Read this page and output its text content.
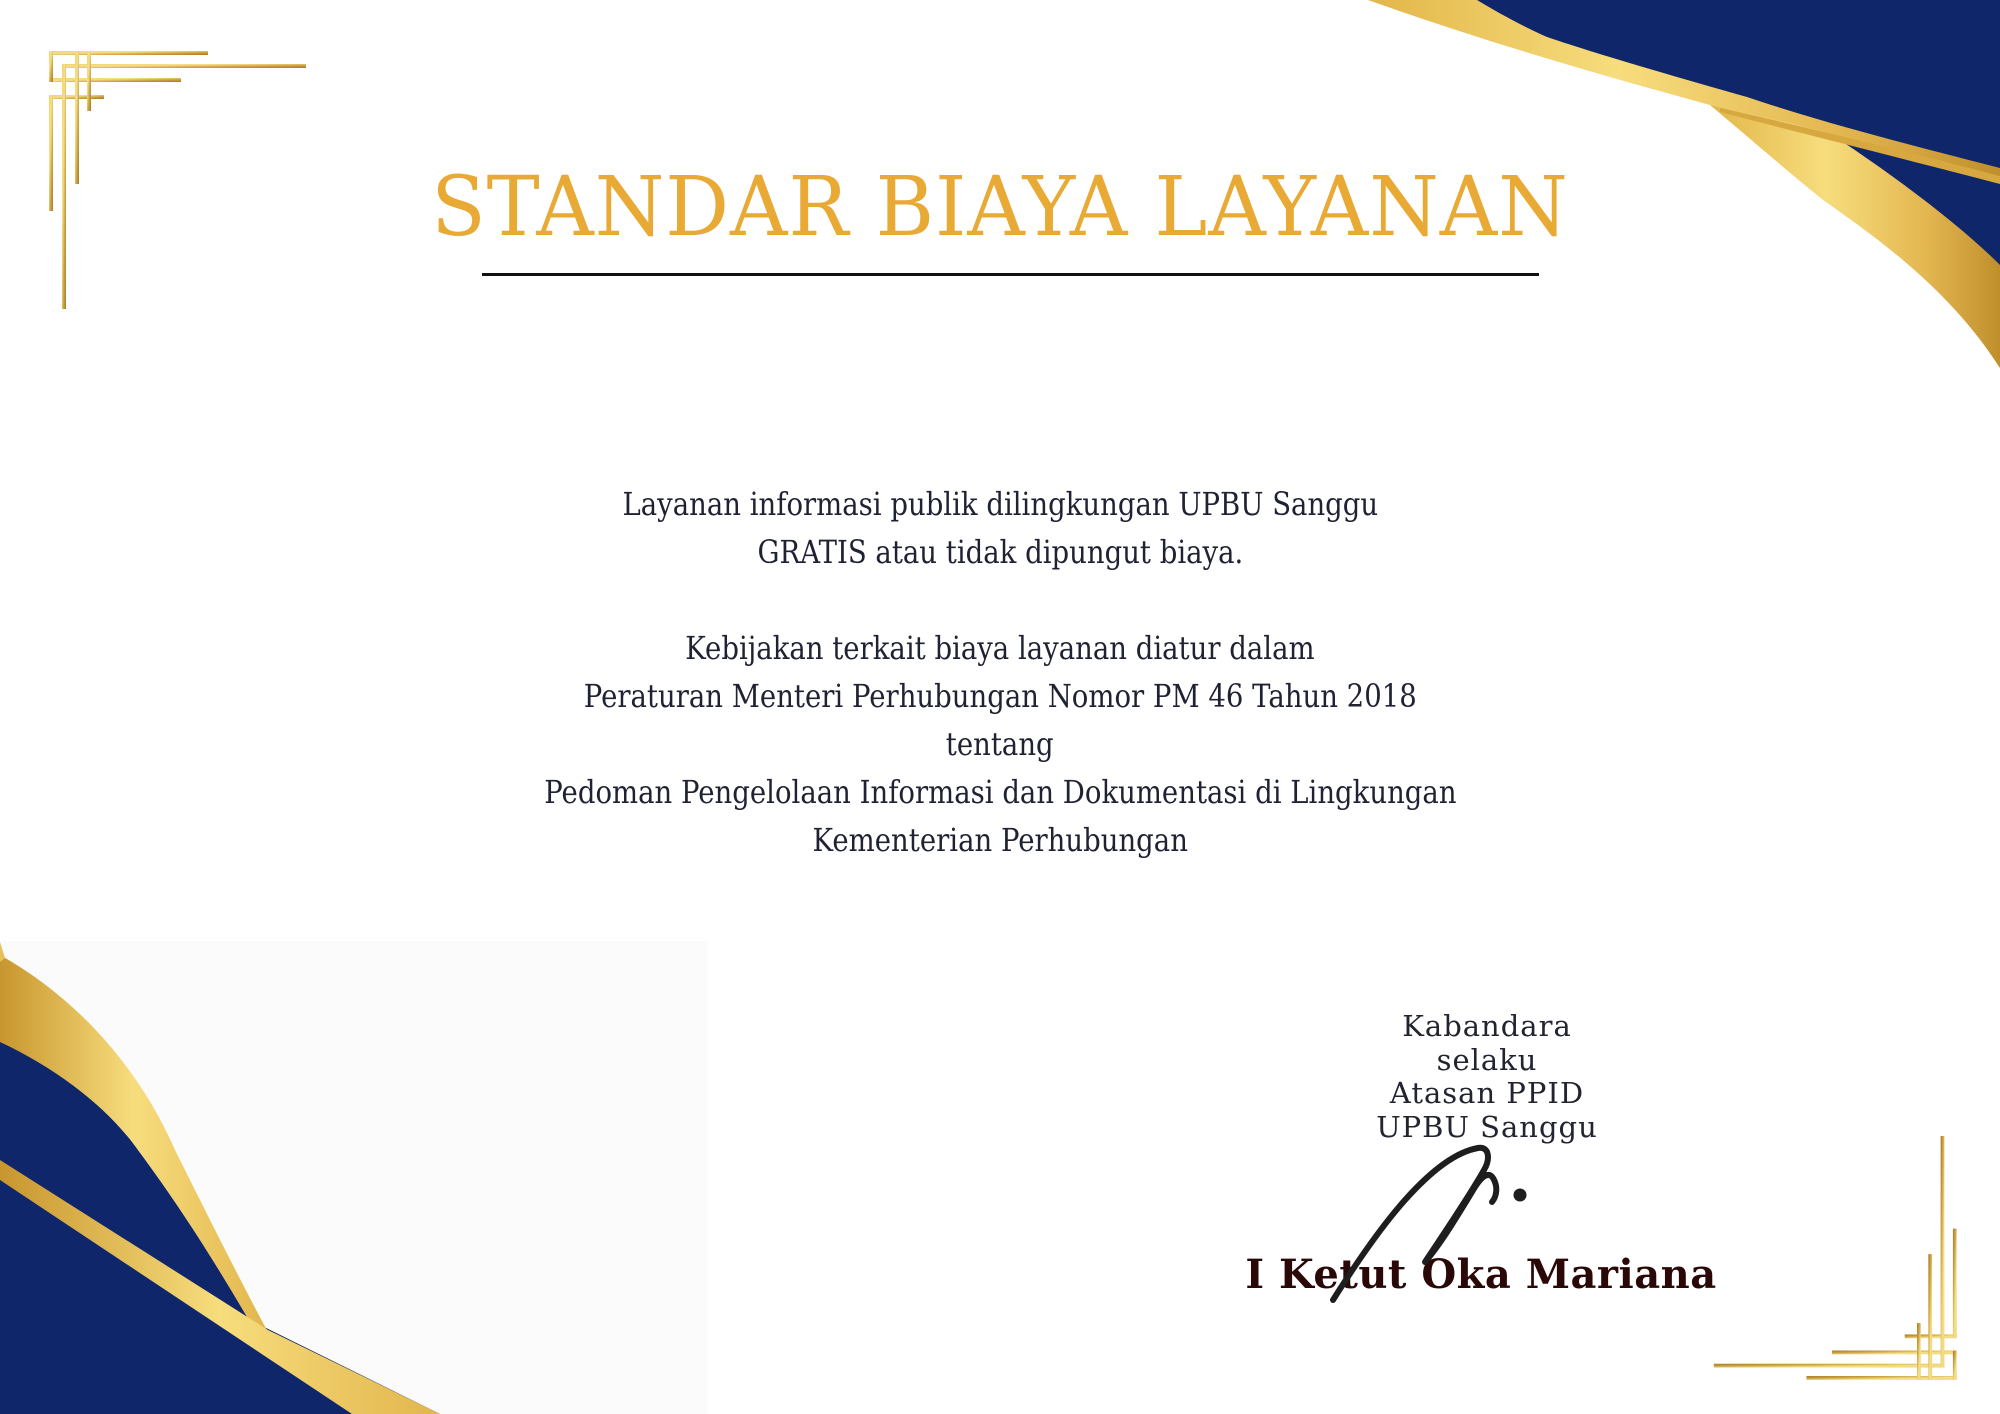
STANDAR BIAYA LAYANAN
Layanan informasi publik dilingkungan UPBU Sanggu
GRATIS atau tidak dipungut biaya.
Kebijakan terkait biaya layanan diatur dalam
Peraturan Menteri Perhubungan Nomor PM 46 Tahun 2018
tentang
Pedoman Pengelolaan Informasi dan Dokumentasi di Lingkungan
Kementerian Perhubungan
Kabandara
selaku
Atasan PPID
UPBU Sanggu
I Ketut Oka Mariana
